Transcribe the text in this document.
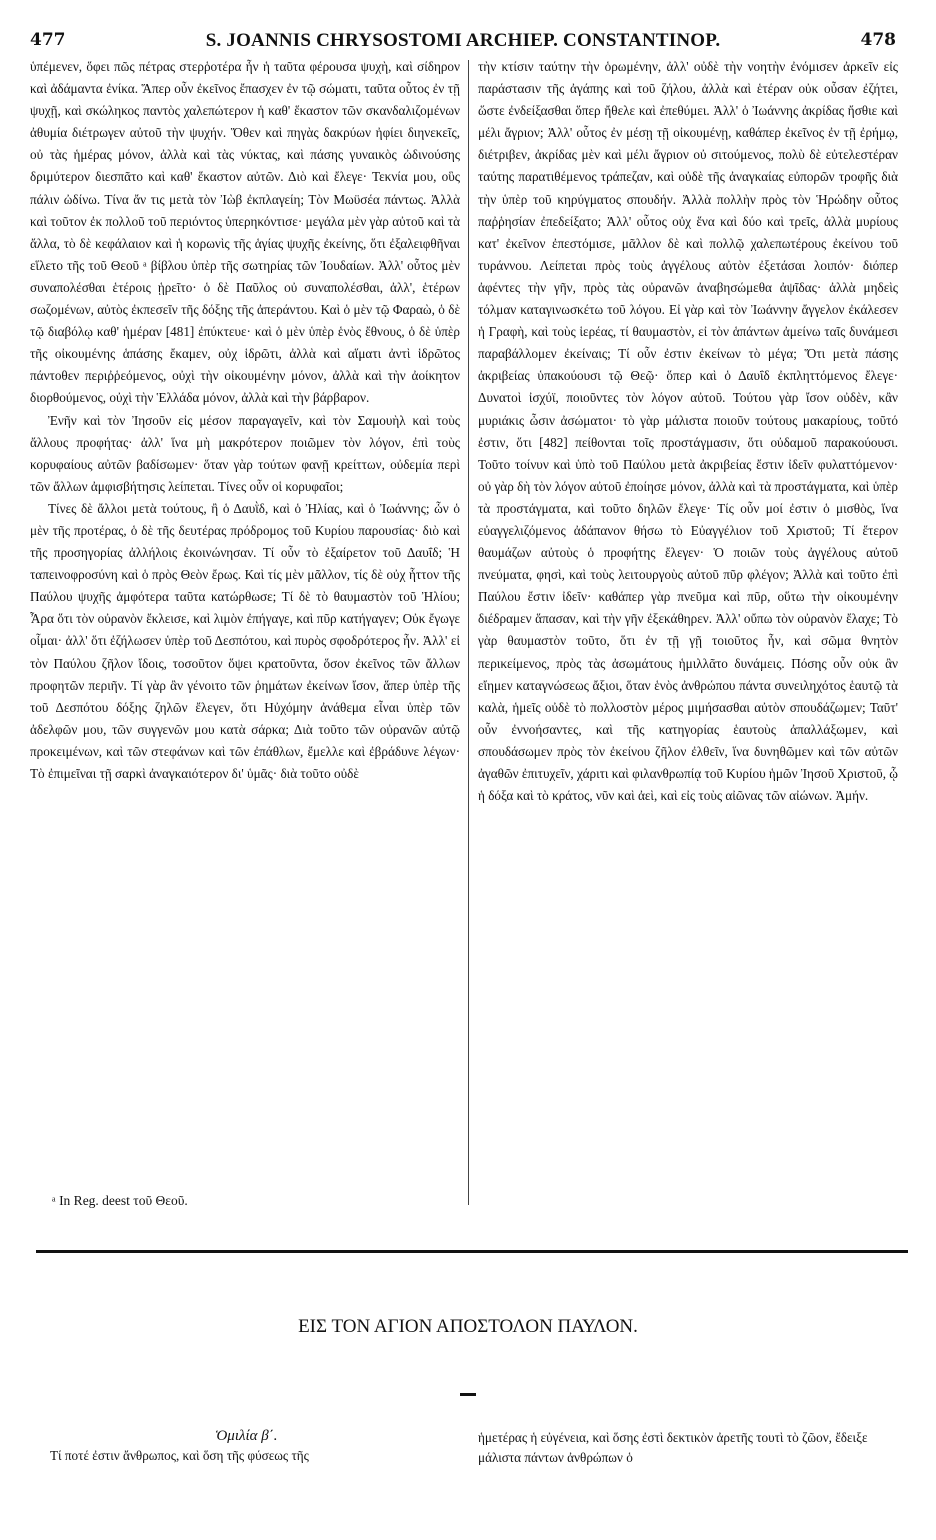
477	S. JOANNIS CHRYSOSTOMI ARCHIEP. CONSTANTINOP.	478

ὑπέμενεν, ὅφει πῶς πέτρας στερῥοτέρα ἦν ἡ ταῦτα φέρουσα ψυχὴ, καὶ σίδηρον καὶ ἀδάμαντα ἐνίκα. Ἅπερ οὖν ἐκεῖνος ἔπασχεν ἐν τῷ σώματι, ταῦτα οὗτος ἐν τῇ ψυχῇ, καὶ σκώληκος παντὸς χαλεπώτερον ἡ καθ' ἕκαστον τῶν σκανδαλιζομένων ἀθυμία διέτρωγεν αὐτοῦ τὴν ψυχήν. Ὅθεν καὶ πηγὰς δακρύων ἠφίει διηνεκεῖς, οὐ τὰς ἡμέρας μόνον, ἀλλὰ καὶ τὰς νύκτας, καὶ πάσης γυναικὸς ὠδινούσης δριμύτερον διεσπᾶτο καὶ καθ' ἕκαστον αὐτῶν. Διὸ καὶ ἔλεγε· Τεκνία μου, οὓς πάλιν ὠδίνω. Τίνα ἄν τις μετὰ τὸν Ἰὼβ ἐκπλαγείη; Τὸν Μωϋσέα πάντως. Ἀλλὰ καὶ τοῦτον ἐκ πολλοῦ τοῦ περιόντος ὑπερηκόντισε· μεγάλα μὲν γὰρ αὐτοῦ καὶ τὰ ἄλλα, τὸ δὲ κεφάλαιον καὶ ἡ κορωνὶς τῆς ἁγίας ψυχῆς ἐκείνης, ὅτι ἐξαλειφθῆναι εἵλετο τῆς τοῦ Θεοῦ ᵃ βίβλου ὑπὲρ τῆς σωτηρίας τῶν Ἰουδαίων. Ἀλλ' οὗτος μὲν συναπολέσθαι ἑτέροις ᾑρεῖτο· ὁ δὲ Παῦλος οὐ συναπολέσθαι, ἀλλ', ἑτέρων σωζομένων, αὐτὸς ἐκπεσεῖν τῆς δόξης τῆς ἀπεράντου. Καὶ ὁ μὲν τῷ Φαραὼ, ὁ δὲ τῷ διαβόλῳ καθ' ἡμέραν [481] ἐπύκτευε· καὶ ὁ μὲν ὑπὲρ ἑνὸς ἔθνους, ὁ δὲ ὑπὲρ τῆς οἰκουμένης ἁπάσης ἔκαμεν, οὐχ ἱδρῶτι, ἀλλὰ καὶ αἵματι ἀντὶ ἱδρῶτος πάντοθεν περιῤῥεόμενος, οὐχὶ τὴν οἰκουμένην μόνον, ἀλλὰ καὶ τὴν ἀοίκητον διορθούμενος, οὐχὶ τὴν Ἑλλάδα μόνον, ἀλλὰ καὶ τὴν βάρβαρον.

Ἐνῆν καὶ τὸν Ἰησοῦν εἰς μέσον παραγαγεῖν, καὶ τὸν Σαμουὴλ καὶ τοὺς ἄλλους προφήτας· ἀλλ' ἵνα μὴ μακρότερον ποιῶμεν τὸν λόγον, ἐπὶ τοὺς κορυφαίους αὐτῶν βαδίσωμεν· ὅταν γὰρ τούτων φανῇ κρείττων, οὐδεμία περὶ τῶν ἄλλων ἀμφισβήτησις λείπεται. Τίνες οὖν οἱ κορυφαῖοι;

Τίνες δὲ ἄλλοι μετὰ τούτους, ἢ ὁ Δαυῒδ, καὶ ὁ Ἠλίας, καὶ ὁ Ἰωάννης; ὧν ὁ μὲν τῆς προτέρας, ὁ δὲ τῆς δευτέρας πρόδρομος τοῦ Κυρίου παρουσίας· διὸ καὶ τῆς προσηγορίας ἀλλήλοις ἐκοινώνησαν. Τί οὖν τὸ ἐξαίρετον τοῦ Δαυΐδ; Ἡ ταπεινοφροσύνη καὶ ὁ πρὸς Θεὸν ἔρως. Καὶ τίς μὲν μᾶλλον, τίς δὲ οὐχ ἧττον τῆς Παύλου ψυχῆς ἀμφότερα ταῦτα κατώρθωσε; Τί δὲ τὸ θαυμαστὸν τοῦ Ἠλίου; Ἆρα ὅτι τὸν οὐρανὸν ἔκλεισε, καὶ λιμὸν ἐπήγαγε, καὶ πῦρ κατήγαγεν; Οὐκ ἔγωγε οἶμαι· ἀλλ' ὅτι ἐζήλωσεν ὑπὲρ τοῦ Δεσπότου, καὶ πυρὸς σφοδρότερος ἦν. Ἀλλ' εἰ τὸν Παύλου ζῆλον ἴδοις, τοσοῦτον ὅψει κρατοῦντα, ὅσον ἐκεῖνος τῶν ἄλλων προφητῶν περιῆν. Τί γὰρ ἂν γένοιτο τῶν ῥημάτων ἐκείνων ἴσον, ἅπερ ὑπὲρ τῆς τοῦ Δεσπότου δόξης ζηλῶν ἔλεγεν, ὅτι Ηὐχόμην ἀνάθεμα εἶναι ὑπὲρ τῶν ἀδελφῶν μου, τῶν συγγενῶν μου κατὰ σάρκα; Διὰ τοῦτο τῶν οὐρανῶν αὐτῷ προκειμένων, καὶ τῶν στεφάνων καὶ τῶν ἐπάθλων, ἔμελλε καὶ ἐβράδυνε λέγων· Τὸ ἐπιμεῖναι τῇ σαρκὶ ἀναγκαιότερον δι' ὑμᾶς· διὰ τοῦτο οὐδὲ

τὴν κτίσιν ταύτην τὴν ὁρωμένην, ἀλλ' οὐδὲ τὴν νοητὴν ἐνόμισεν ἀρκεῖν εἰς παράστασιν τῆς ἀγάπης καὶ τοῦ ζήλου, ἀλλὰ καὶ ἑτέραν οὐκ οὖσαν ἐζήτει, ὥστε ἐνδείξασθαι ὅπερ ἤθελε καὶ ἐπεθύμει. Ἀλλ' ὁ Ἰωάννης ἀκρίδας ἤσθιε καὶ μέλι ἄγριον; Ἀλλ' οὗτος ἐν μέσῃ τῇ οἰκουμένῃ, καθάπερ ἐκεῖνος ἐν τῇ ἐρήμῳ, διέτριβεν, ἀκρίδας μὲν καὶ μέλι ἄγριον οὐ σιτούμενος, πολὺ δὲ εὐτελεστέραν ταύτης παρατιθέμενος τράπεζαν, καὶ οὐδὲ τῆς ἀναγκαίας εὐπορῶν τροφῆς διὰ τὴν ὑπὲρ τοῦ κηρύγματος σπουδήν. Ἀλλὰ πολλὴν πρὸς τὸν Ἡρώδην οὗτος παῤῥησίαν ἐπεδείξατο; Ἀλλ' οὗτος οὐχ ἕνα καὶ δύο καὶ τρεῖς, ἀλλὰ μυρίους κατ' ἐκεῖνον ἐπεστόμισε, μᾶλλον δὲ καὶ πολλῷ χαλεπωτέρους ἐκείνου τοῦ τυράννου. Λείπεται πρὸς τοὺς ἀγγέλους αὐτὸν ἐξετάσαι λοιπόν· διόπερ ἀφέντες τὴν γῆν, πρὸς τὰς οὐρανῶν ἀναβησώμεθα ἀψῖδας· ἀλλὰ μηδεὶς τόλμαν καταγινωσκέτω τοῦ λόγου. Εἰ γὰρ καὶ τὸν Ἰωάννην ἄγγελον ἐκάλεσεν ἡ Γραφὴ, καὶ τοὺς ἱερέας, τί θαυμαστὸν, εἰ τὸν ἁπάντων ἀμείνω ταῖς δυνάμεσι παραβάλλομεν ἐκείναις; Τί οὖν ἐστιν ἐκείνων τὸ μέγα; Ὅτι μετὰ πάσης ἀκριβείας ὑπακούουσι τῷ Θεῷ· ὅπερ καὶ ὁ Δαυΐδ ἐκπληττόμενος ἔλεγε· Δυνατοὶ ἰσχύϊ, ποιοῦντες τὸν λόγον αὐτοῦ. Τούτου γὰρ ἴσον οὐδὲν, κἂν μυριάκις ὦσιν ἀσώματοι· τὸ γὰρ μάλιστα ποιοῦν τούτους μακαρίους, τοῦτό ἐστιν, ὅτι [482] πείθονται τοῖς προστάγμασιν, ὅτι οὐδαμοῦ παρακούουσι. Τοῦτο τοίνυν καὶ ὑπὸ τοῦ Παύλου μετὰ ἀκριβείας ἔστιν ἰδεῖν φυλαττόμενον· οὐ γὰρ δὴ τὸν λόγον αὐτοῦ ἐποίησε μόνον, ἀλλὰ καὶ τὰ προστάγματα, καὶ ὑπὲρ τὰ προστάγματα, καὶ τοῦτο δηλῶν ἔλεγε· Τίς οὖν μοί ἐστιν ὁ μισθὸς, ἵνα εὐαγγελιζόμενος ἀδάπανον θήσω τὸ Εὐαγγέλιον τοῦ Χριστοῦ; Τί ἕτερον θαυμάζων αὐτοὺς ὁ προφήτης ἔλεγεν· Ὁ ποιῶν τοὺς ἀγγέλους αὐτοῦ πνεύματα, φησὶ, καὶ τοὺς λειτουργοὺς αὐτοῦ πῦρ φλέγον; Ἀλλὰ καὶ τοῦτο ἐπὶ Παύλου ἔστιν ἰδεῖν· καθάπερ γὰρ πνεῦμα καὶ πῦρ, οὕτω τὴν οἰκουμένην διέδραμεν ἅπασαν, καὶ τὴν γῆν ἐξεκάθηρεν. Ἀλλ' οὔπω τὸν οὐρανὸν ἔλαχε; Τὸ γὰρ θαυμαστὸν τοῦτο, ὅτι ἐν τῇ γῇ τοιοῦτος ἦν, καὶ σῶμα θνητὸν περικείμενος, πρὸς τὰς ἀσωμάτους ἡμιλλᾶτο δυνάμεις. Πόσης οὖν οὐκ ἂν εἴημεν καταγνώσεως ἄξιοι, ὅταν ἑνὸς ἀνθρώπου πάντα συνειληχότος ἑαυτῷ τὰ καλὰ, ἡμεῖς οὐδὲ τὸ πολλοστὸν μέρος μιμήσασθαι αὐτὸν σπουδάζωμεν; Ταῦτ' οὖν ἐννοήσαντες, καὶ τῆς κατηγορίας ἑαυτοὺς ἀπαλλάξωμεν, καὶ σπουδάσωμεν πρὸς τὸν ἐκείνου ζῆλον ἐλθεῖν, ἵνα δυνηθῶμεν καὶ τῶν αὐτῶν ἀγαθῶν ἐπιτυχεῖν, χάριτι καὶ φιλανθρωπίᾳ τοῦ Κυρίου ἡμῶν Ἰησοῦ Χριστοῦ, ᾧ ἡ δόξα καὶ τὸ κράτος, νῦν καὶ ἀεὶ, καὶ εἰς τοὺς αἰῶνας τῶν αἰώνων. Ἀμήν.

ᵃ In Reg. deest τοῦ Θεοῦ.
ΕΙΣ ΤΟΝ ΑΓΙΟΝ ΑΠΟΣΤΟΛΟΝ ΠΑΥΛΟΝ.
Ὁμιλία β΄.
Τί ποτέ ἐστιν ἄνθρωπος, καὶ ὅση τῆς φύσεως τῆς
ἡμετέρας ἡ εὐγένεια, καὶ ὅσης ἐστὶ δεκτικὸν ἀρετῆς τουτὶ τὸ ζῶον, ἔδειξε μάλιστα πάντων ἀνθρώπων ὁ
